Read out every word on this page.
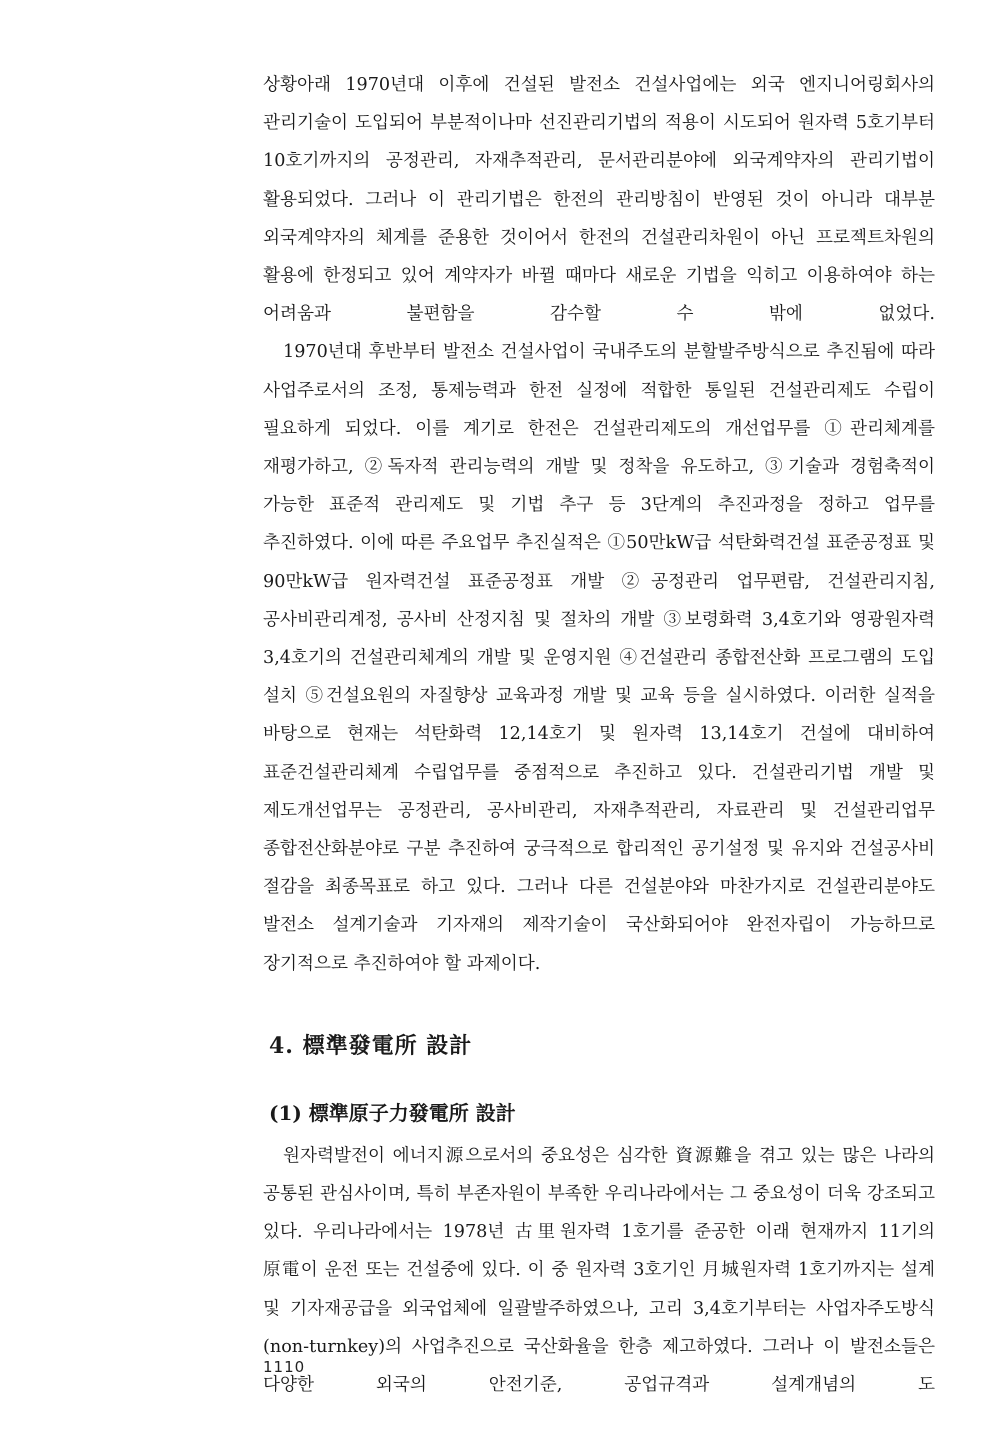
상황아래 1970년대 이후에 건설된 발전소 건설사업에는 외국 엔지니어링회사의 관리기술이 도입되어 부분적이나마 선진관리기법의 적용이 시도되어 원자력 5호기부터 10호기까지의 공정관리, 자재추적관리, 문서관리분야에 외국계약자의 관리기법이 활용되었다. 그러나 이 관리기법은 한전의 관리방침이 반영된 것이 아니라 대부분 외국계약자의 체계를 준용한 것이어서 한전의 건설관리차원이 아닌 프로젝트차원의 활용에 한정되고 있어 계약자가 바뀔 때마다 새로운 기법을 익히고 이용하여야 하는 어려움과 불편함을 감수할 수 밖에 없었다.

1970년대 후반부터 발전소 건설사업이 국내주도의 분할발주방식으로 추진됨에 따라 사업주로서의 조정, 통제능력과 한전 실정에 적합한 통일된 건설관리제도 수립이 필요하게 되었다. 이를 계기로 한전은 건설관리제도의 개선업무를 ①관리체계를 재평가하고, ②독자적 관리능력의 개발 및 정착을 유도하고, ③기술과 경험축적이 가능한 표준적 관리제도 및 기법 추구 등 3단계의 추진과정을 정하고 업무를 추진하였다. 이에 따른 주요업무 추진실적은 ①50만kW급 석탄화력건설 표준공정표 및 90만kW급 원자력건설 표준공정표 개발 ②공정관리 업무편람, 건설관리지침, 공사비관리계정, 공사비 산정지침 및 절차의 개발 ③보령화력 3,4호기와 영광원자력 3,4호기의 건설관리체계의 개발 및 운영지원 ④건설관리 종합전산화 프로그램의 도입 설치 ⑤건설요원의 자질향상 교육과정 개발 및 교육 등을 실시하였다. 이러한 실적을 바탕으로 현재는 석탄화력 12,14호기 및 원자력 13,14호기 건설에 대비하여 표준건설관리체계 수립업무를 중점적으로 추진하고 있다. 건설관리기법 개발 및 제도개선업무는 공정관리, 공사비관리, 자재추적관리, 자료관리 및 건설관리업무 종합전산화분야로 구분 추진하여 궁극적으로 합리적인 공기설정 및 유지와 건설공사비 절감을 최종목표로 하고 있다. 그러나 다른 건설분야와 마찬가지로 건설관리분야도 발전소 설계기술과 기자재의 제작기술이 국산화되어야 완전자립이 가능하므로 장기적으로 추진하여야 할 과제이다.

4. 標準發電所 設計
(1) 標準原子力發電所 設計

원자력발전이 에너지源으로서의 중요성은 심각한 資源難을 겪고 있는 많은 나라의 공통된 관심사이며, 특히 부존자원이 부족한 우리나라에서는 그 중요성이 더욱 강조되고 있다. 우리나라에서는 1978년 古里원자력 1호기를 준공한 이래 현재까지 11기의 原電이 운전 또는 건설중에 있다. 이 중 원자력 3호기인 月城원자력 1호기까지는 설계 및 기자재공급을 외국업체에 일괄발주하였으나, 고리 3,4호기부터는 사업자주도방식(non-turnkey)의 사업추진으로 국산화율을 한층 제고하였다. 그러나 이 발전소들은 다양한 외국의 안전기준, 공업규격과 설계개념의 도

1110
